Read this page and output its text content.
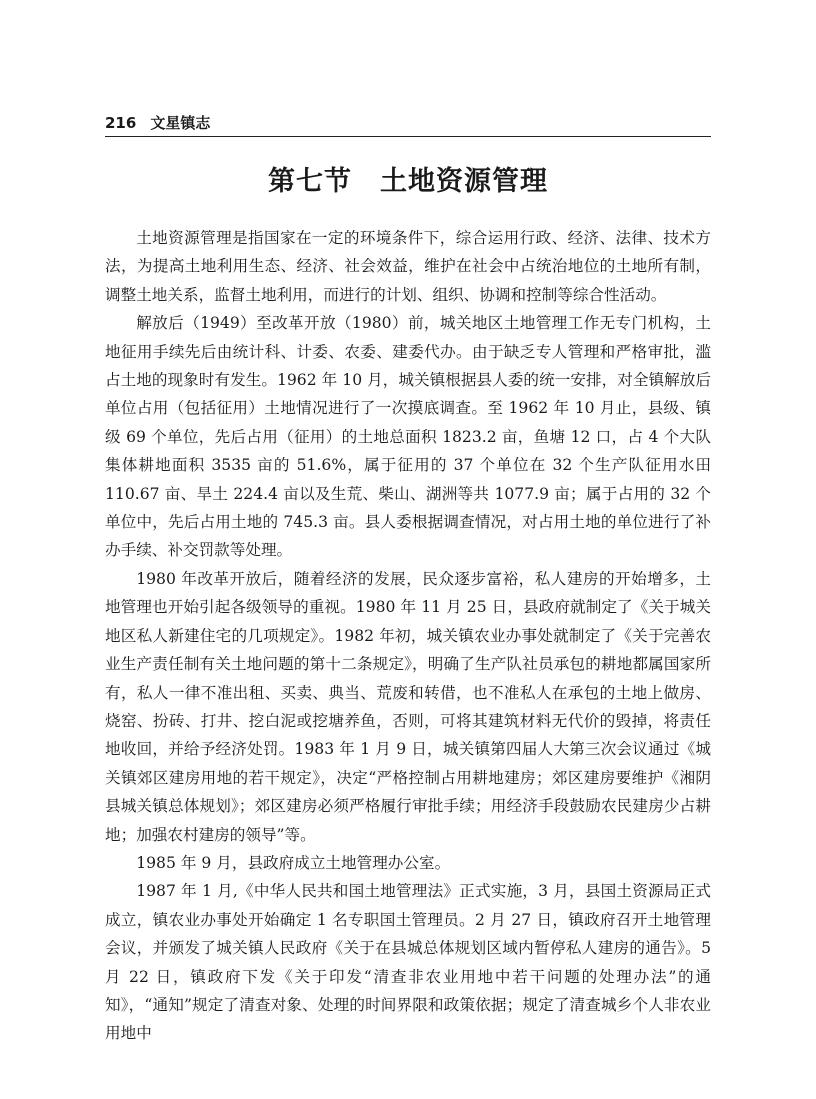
216 文星镇志
第七节　土地资源管理

土地资源管理是指国家在一定的环境条件下，综合运用行政、经济、法律、技术方法，为提高土地利用生态、经济、社会效益，维护在社会中占统治地位的土地所有制，调整土地关系，监督土地利用，而进行的计划、组织、协调和控制等综合性活动。

解放后（1949）至改革开放（1980）前，城关地区土地管理工作无专门机构，土地征用手续先后由统计科、计委、农委、建委代办。由于缺乏专人管理和严格审批，滥占土地的现象时有发生。1962 年 10 月，城关镇根据县人委的统一安排，对全镇解放后单位占用（包括征用）土地情况进行了一次摸底调查。至 1962 年 10 月止，县级、镇级 69 个单位，先后占用（征用）的土地总面积 1823.2 亩，鱼塘 12 口，占 4 个大队集体耕地面积 3535 亩的 51.6%，属于征用的 37 个单位在 32 个生产队征用水田 110.67 亩、旱土 224.4 亩以及生荒、柴山、湖洲等共 1077.9 亩；属于占用的 32 个单位中，先后占用土地的 745.3 亩。县人委根据调查情况，对占用土地的单位进行了补办手续、补交罚款等处理。

1980 年改革开放后，随着经济的发展，民众逐步富裕，私人建房的开始增多，土地管理也开始引起各级领导的重视。1980 年 11 月 25 日，县政府就制定了《关于城关地区私人新建住宅的几项规定》。1982 年初，城关镇农业办事处就制定了《关于完善农业生产责任制有关土地问题的第十二条规定》，明确了生产队社员承包的耕地都属国家所有，私人一律不准出租、买卖、典当、荒废和转借，也不准私人在承包的土地上做房、烧窑、扮砖、打井、挖白泥或挖塘养鱼，否则，可将其建筑材料无代价的毁掉，将责任地收回，并给予经济处罚。1983 年 1 月 9 日，城关镇第四届人大第三次会议通过《城关镇郊区建房用地的若干规定》，决定“严格控制占用耕地建房；郊区建房要维护《湘阴县城关镇总体规划》；郊区建房必须严格履行审批手续；用经济手段鼓励农民建房少占耕地；加强农村建房的领导”等。

1985 年 9 月，县政府成立土地管理办公室。

1987 年 1 月,《中华人民共和国土地管理法》正式实施，3 月，县国土资源局正式成立，镇农业办事处开始确定 1 名专职国土管理员。2 月 27 日，镇政府召开土地管理会议，并颁发了城关镇人民政府《关于在县城总体规划区域内暂停私人建房的通告》。5 月 22 日，镇政府下发《关于印发“清查非农业用地中若干问题的处理办法”的通知》，“通知”规定了清查对象、处理的时间界限和政策依据；规定了清查城乡个人非农业用地中
